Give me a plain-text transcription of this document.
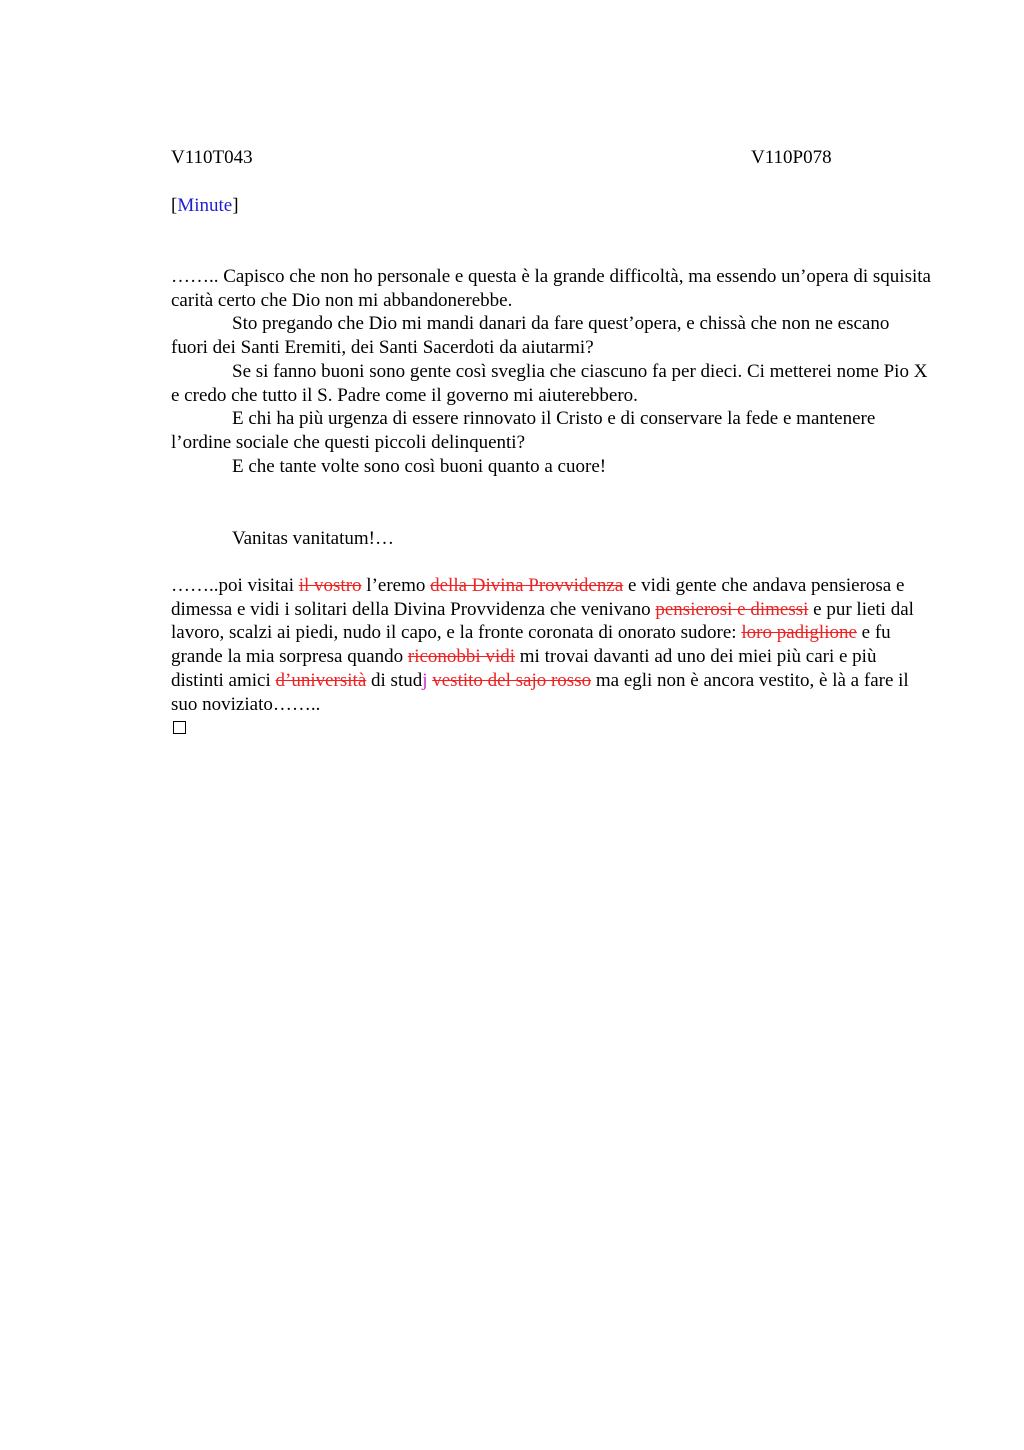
V110T043	V110P078
[Minute]

…….. Capisco che non ho personale e questa è la grande difficoltà, ma essendo un’opera di squisita carità certo che Dio non mi abbandonerebbe.

Sto pregando che Dio mi mandi danari da fare quest’opera, e chissà che non ne escano fuori dei Santi Eremiti, dei Santi Sacerdoti da aiutarmi?

Se si fanno buoni sono gente così sveglia che ciascuno fa per dieci. Ci metterei nome Pio X e credo che tutto il S. Padre come il governo mi aiuterebbero.

E chi ha più urgenza di essere rinnovato il Cristo e di conservare la fede e mantenere l’ordine sociale che questi piccoli delinquenti?

E che tante volte sono così buoni quanto a cuore!

Vanitas vanitatum!…

……..poi visitai il vostro l’eremo della Divina Provvidenza e vidi gente che andava pensierosa e dimessa e vidi i solitari della Divina Provvidenza che venivano pensierosi e dimessi e pur lieti dal lavoro, scalzi ai piedi, nudo il capo, e la fronte coronata di onorato sudore: loro padiglione e fu grande la mia sorpresa quando riconobbi vidi mi trovai davanti ad uno dei miei più cari e più distinti amici d’università di studj vestito del sajo rosso ma egli non è ancora vestito, è là a fare il suo noviziato……..
